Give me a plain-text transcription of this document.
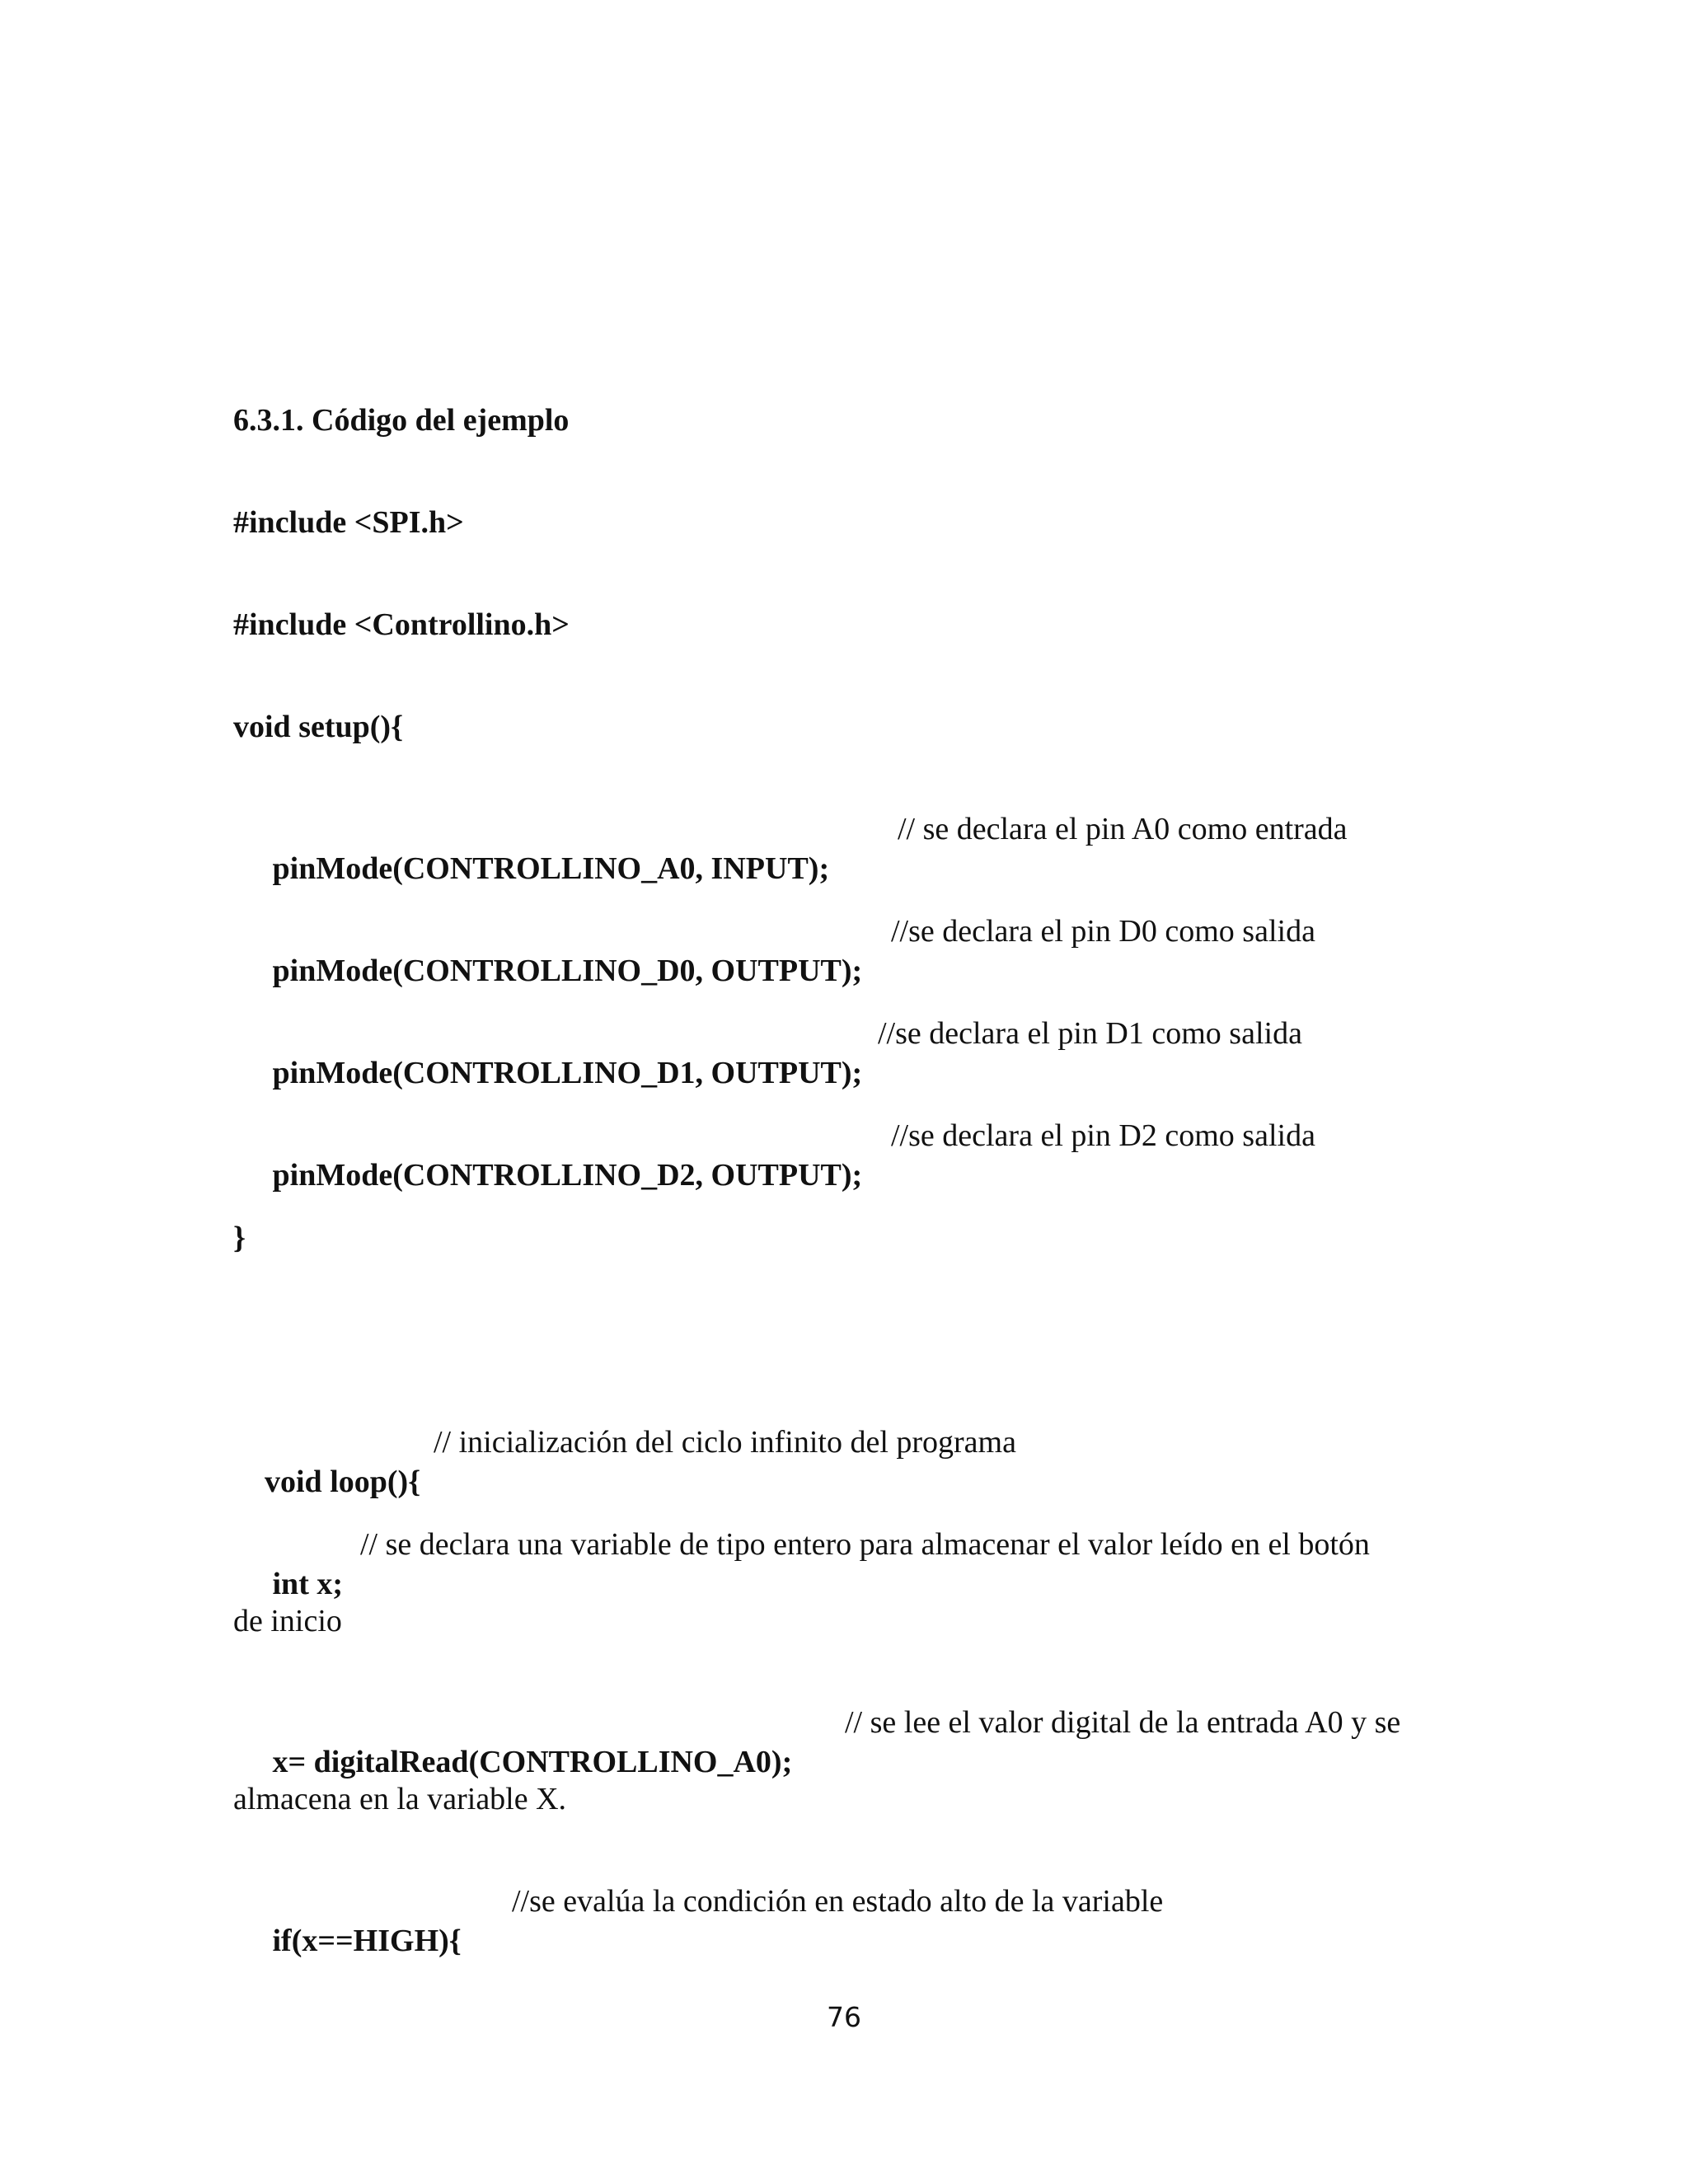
6.3.1. Código del ejemplo
#include <SPI.h>
#include <Controllino.h>
void setup(){

pinMode(CONTROLLINO_A0, INPUT);

// se declara el pin A0 como entrada

pinMode(CONTROLLINO_D0, OUTPUT);

//se declara el pin D0 como salida

pinMode(CONTROLLINO_D1, OUTPUT);

//se declara el pin D1 como salida

pinMode(CONTROLLINO_D2, OUTPUT);

//se declara el pin D2 como salida

}

void loop(){

// inicialización del ciclo infinito del programa

int x;

// se declara una variable de tipo entero para almacenar el valor leído en el botón

de inicio

x= digitalRead(CONTROLLINO_A0);

// se lee el valor digital de la entrada A0 y se

almacena en la variable X.

if(x==HIGH){

//se evalúa la condición en estado alto de la variable

76
